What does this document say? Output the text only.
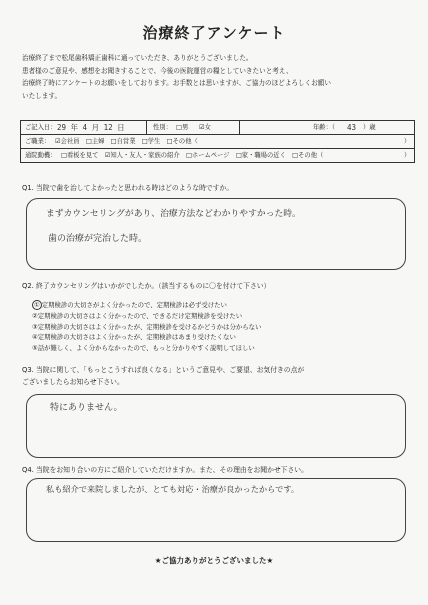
治療終了アンケート
治療終了まで松尾歯科矯正歯科に通っていただき、ありがとうございました。
患者様のご意見や、感想をお聞きすることで、今後の医院運営の糧としていきたいと考え、
治療終了時にアンケートのお願いをしております。お手数とは思いますが、ご協力のほどよろしくお願い
いたします。
ご記入日： 29 年 4 月 12 日	性別： □男 ☑女	年齢：（ 43 ）歳
ご職業： ☑会社員　□主婦　□自営業　□学生　□その他（	）
通院動機： □看板を見て　☑知人・友人・家族の紹介　□ホームページ　□家・職場の近く　□その他（	）
Q1. 当院で歯を治してよかったと思われる時はどのような時ですか。
まずカウンセリングがあり、治療方法などわかりやすかった時。
歯の治療が完治した時。
Q2. 終了カウンセリングはいかがでしたか。（該当するものに〇を付けて下さい）
① 定期検診の大切さがよく分かったので、定期検診は必ず受けたい
②定期検診の大切さはよく分かったので、できるだけ定期検診を受けたい
③定期検診の大切さはよく分かったが、定期検診を受けるかどうかは分からない
④定期検診の大切さはよく分かったが、定期検診はあまり受けたくない
⑤話が難しく、よく分からなかったので、もっと分かりやすく説明してほしい
Q3. 当院に関して、「もっとこうすれば良くなる」というご意見や、ご要望、お気付きの点が
ございましたらお知らせ下さい。
特にありません。
Q4. 当院をお知り合いの方にご紹介していただけますか。また、その理由をお聞かせ下さい。
私も紹介で来院しましたが、とても対応・治療が良かったからです。
★ご協力ありがとうございました★
